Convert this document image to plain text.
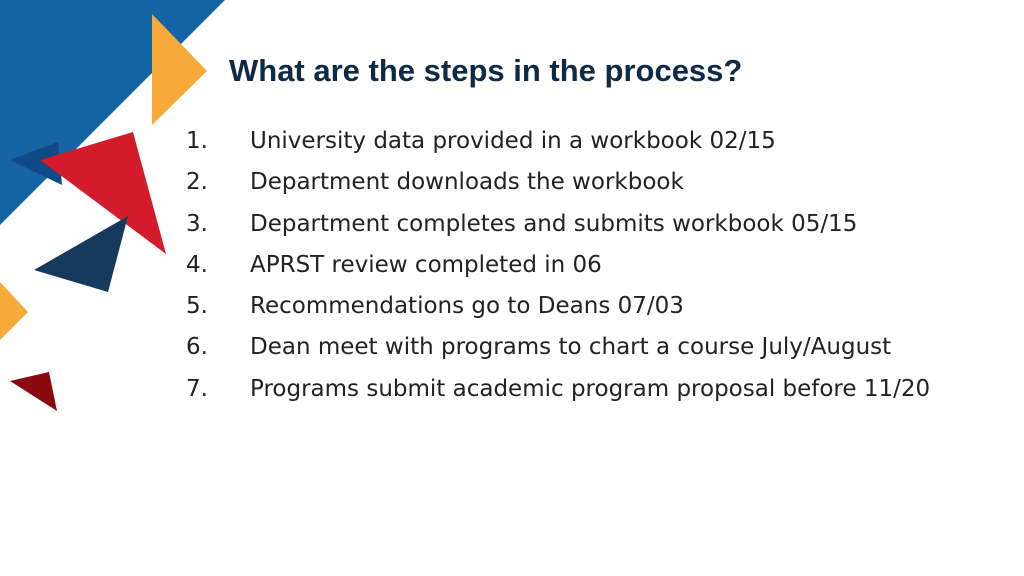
What are the steps in the process?
1.	University data provided in a workbook 02/15
2.	Department downloads the workbook
3.	Department completes and submits workbook 05/15
4.	APRST review completed in 06
5.	Recommendations go to Deans 07/03
6.	Dean meet with programs to chart a course July/August
7.	Programs submit academic program proposal before 11/20
